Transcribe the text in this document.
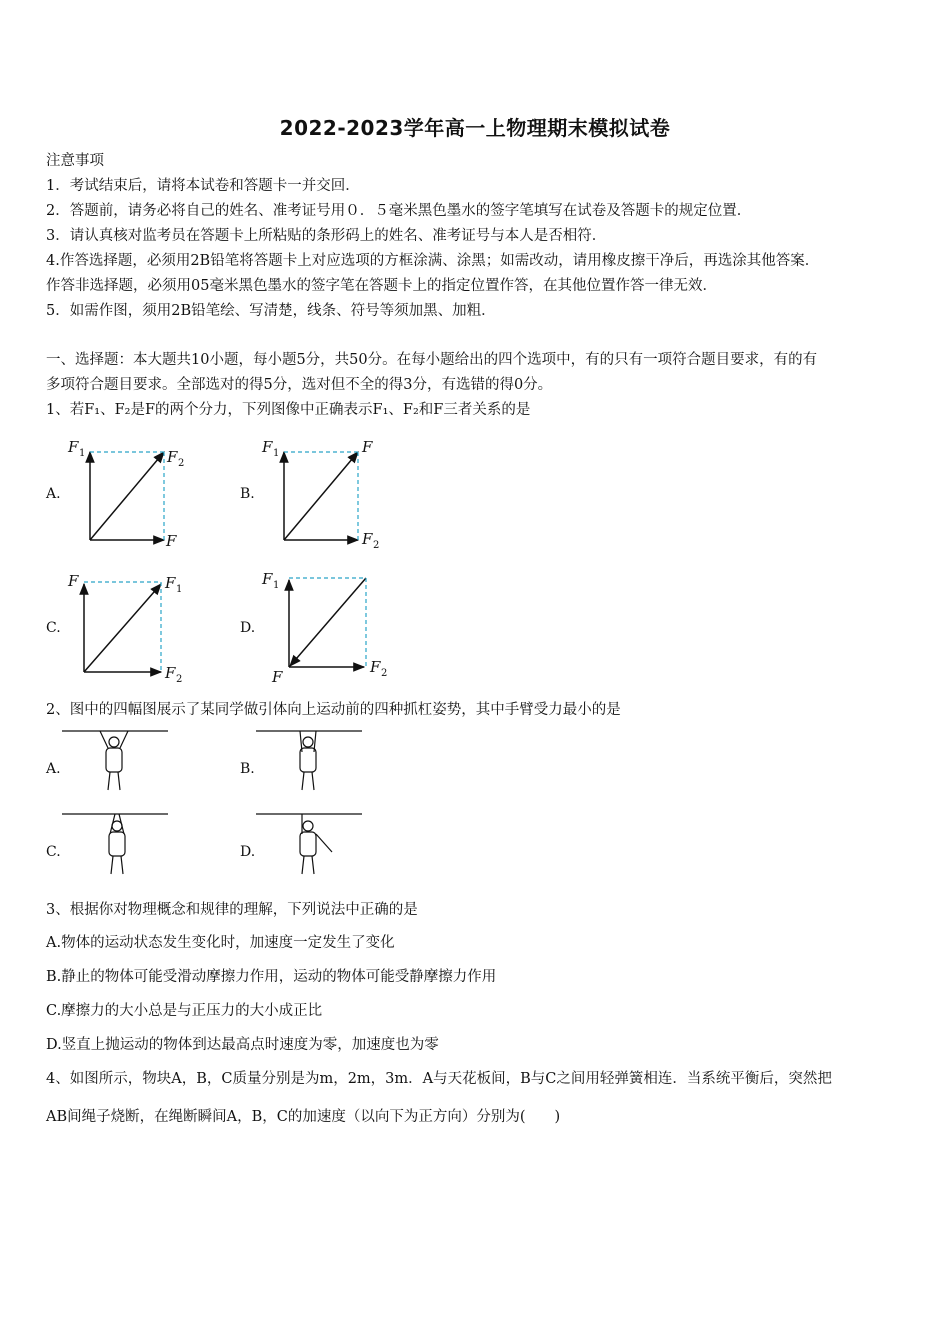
2022-2023学年高一上物理期末模拟试卷
注意事项
1．考试结束后，请将本试卷和答题卡一并交回．
2．答题前，请务必将自己的姓名、准考证号用０．５毫米黑色墨水的签字笔填写在试卷及答题卡的规定位置．
3．请认真核对监考员在答题卡上所粘贴的条形码上的姓名、准考证号与本人是否相符．
4.作答选择题，必须用2B铅笔将答题卡上对应选项的方框涂满、涂黑；如需改动，请用橡皮擦干净后，再选涂其他答案．
作答非选择题，必须用05毫米黑色墨水的签字笔在答题卡上的指定位置作答，在其他位置作答一律无效．
5．如需作图，须用2B铅笔绘、写清楚，线条、符号等须加黑、加粗．
一、选择题：本大题共10小题，每小题5分，共50分。在每小题给出的四个选项中，有的只有一项符合题目要求，有的有
多项符合题目要求。全部选对的得5分，选对但不全的得3分，有选错的得0分。
1、若F₁、F₂是F的两个分力，下列图像中正确表示F₁、F₂和F三者关系的是
A.	B.
C.	D.
F 1	F 2
F
F 1	F
F 2
F	F 1
F 2
F 1
F 2
F
2、图中的四幅图展示了某同学做引体向上运动前的四种抓杠姿势，其中手臂受力最小的是
A.	B.
C.	D.
3、根据你对物理概念和规律的理解，下列说法中正确的是
A.物体的运动状态发生变化时，加速度一定发生了变化
B.静止的物体可能受滑动摩擦力作用，运动的物体可能受静摩擦力作用
C.摩擦力的大小总是与正压力的大小成正比
D.竖直上抛运动的物体到达最高点时速度为零，加速度也为零
4、如图所示，物块A，B，C质量分别是为m，2m，3m．A与天花板间，B与C之间用轻弹簧相连．当系统平衡后，突然把
AB间绳子烧断，在绳断瞬间A，B，C的加速度（以向下为正方向）分别为(　　)
